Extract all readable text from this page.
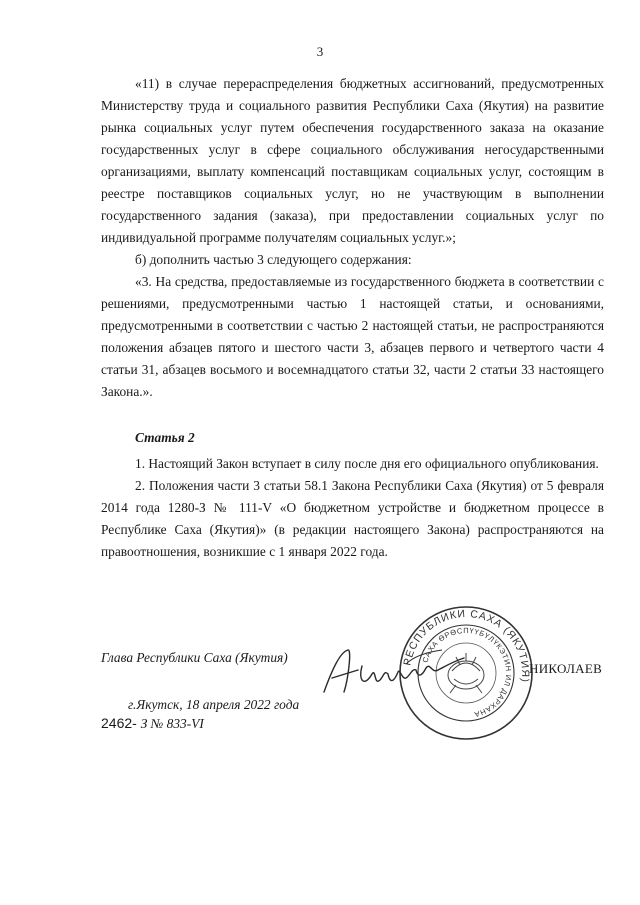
3

«11) в случае перераспределения бюджетных ассигнований, предусмотренных Министерству труда и социального развития Республики Саха (Якутия) на развитие рынка социальных услуг путем обеспечения государственного заказа на оказание государственных услуг в сфере социального обслуживания негосударственными организациями, выплату компенсаций поставщикам социальных услуг, состоящим в реестре поставщиков социальных услуг, но не участвующим в выполнении государственного задания (заказа), при предоставлении социальных услуг по индивидуальной программе получателям социальных услуг.»;

б) дополнить частью 3 следующего содержания:

«3. На средства, предоставляемые из государственного бюджета в соответствии с решениями, предусмотренными частью 1 настоящей статьи, и основаниями, предусмотренными в соответствии с частью 2 настоящей статьи, не распространяются положения абзацев пятого и шестого части 3, абзацев первого и четвертого части 4 статьи 31, абзацев восьмого и восемнадцатого статьи 32, части 2 статьи 33 настоящего Закона.».

Статья 2

1. Настоящий Закон вступает в силу после дня его официального опубликования.

2. Положения части 3 статьи 58.1 Закона Республики Саха (Якутия) от 5 февраля 2014 года 1280-З № 111-V «О бюджетном устройстве и бюджетном процессе в Республике Саха (Якутия)» (в редакции настоящего Закона) распространяются на правоотношения, возникшие с 1 января 2022 года.

Глава Республики Саха (Якутия)	РЕСПУБЛИКИ САХА (ЯКУТИЯ)
САХА ӨРӨСПҮҮБҮЛҮКЭТИН ИЛ ДАРХАНА
НИКОЛАЕВ
г.Якутск, 18 апреля 2022 года
2462- З № 833-VI
